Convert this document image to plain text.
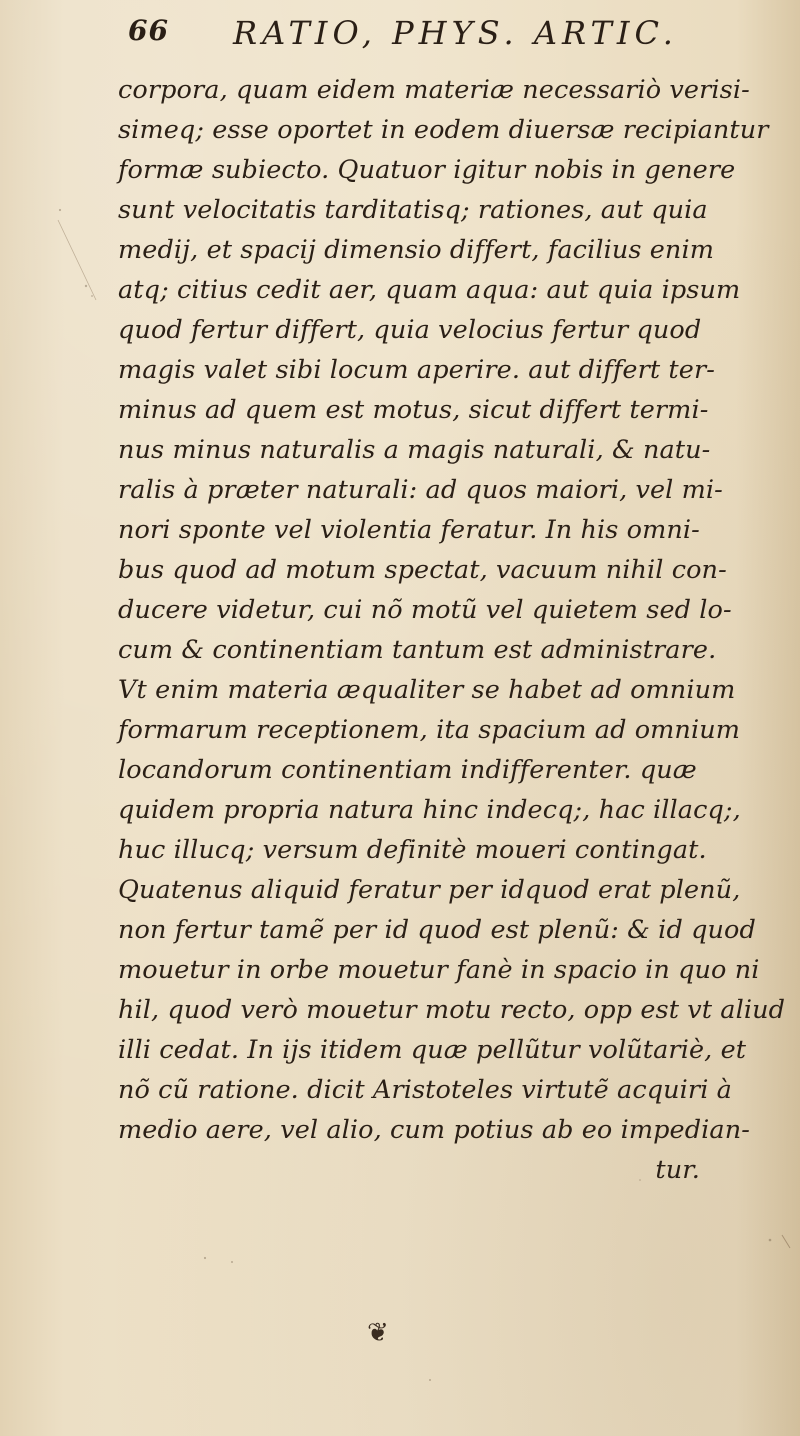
66 RATIO, PHYS. ARTIC.
corpora, quam eidem materiæ necessariò verisi-
simeq; esse oportet in eodem diuersæ recipiantur
formæ subiecto. Quatuor igitur nobis in genere
sunt velocitatis tarditatisq; rationes, aut quia
medij, et spacij dimensio differt, facilius enim
atq; citius cedit aer, quam aqua: aut quia ipsum
quod fertur differt, quia velocius fertur quod
magis valet sibi locum aperire. aut differt ter-
minus ad quem est motus, sicut differt termi-
nus minus naturalis a magis naturali, & natu-
ralis à præter naturali: ad quos maiori, vel mi-
nori sponte vel violentia feratur. In his omni-
bus quod ad motum spectat, vacuum nihil con-
ducere videtur, cui nõ motũ vel quietem sed lo-
cum & continentiam tantum est administrare.
Vt enim materia æqualiter se habet ad omnium
formarum receptionem, ita spacium ad omnium
locandorum continentiam indifferenter. quæ
quidem propria natura hinc indecq;, hac illacq;,
huc illucq; versum definitè moueri contingat.
Quatenus aliquid feratur per idquod erat plenũ,
non fertur tamẽ per id quod est plenũ: & id quod
mouetur in orbe mouetur fanè in spacio in quo ni
hil, quod verò mouetur motu recto, opp est vt aliud
illi cedat. In ijs itidem quæ pellũtur volũtariè, et
nõ cũ ratione. dicit Aristoteles virtutẽ acquiri à
medio aere, vel alio, cum potius ab eo impedian-
tur.
❦
